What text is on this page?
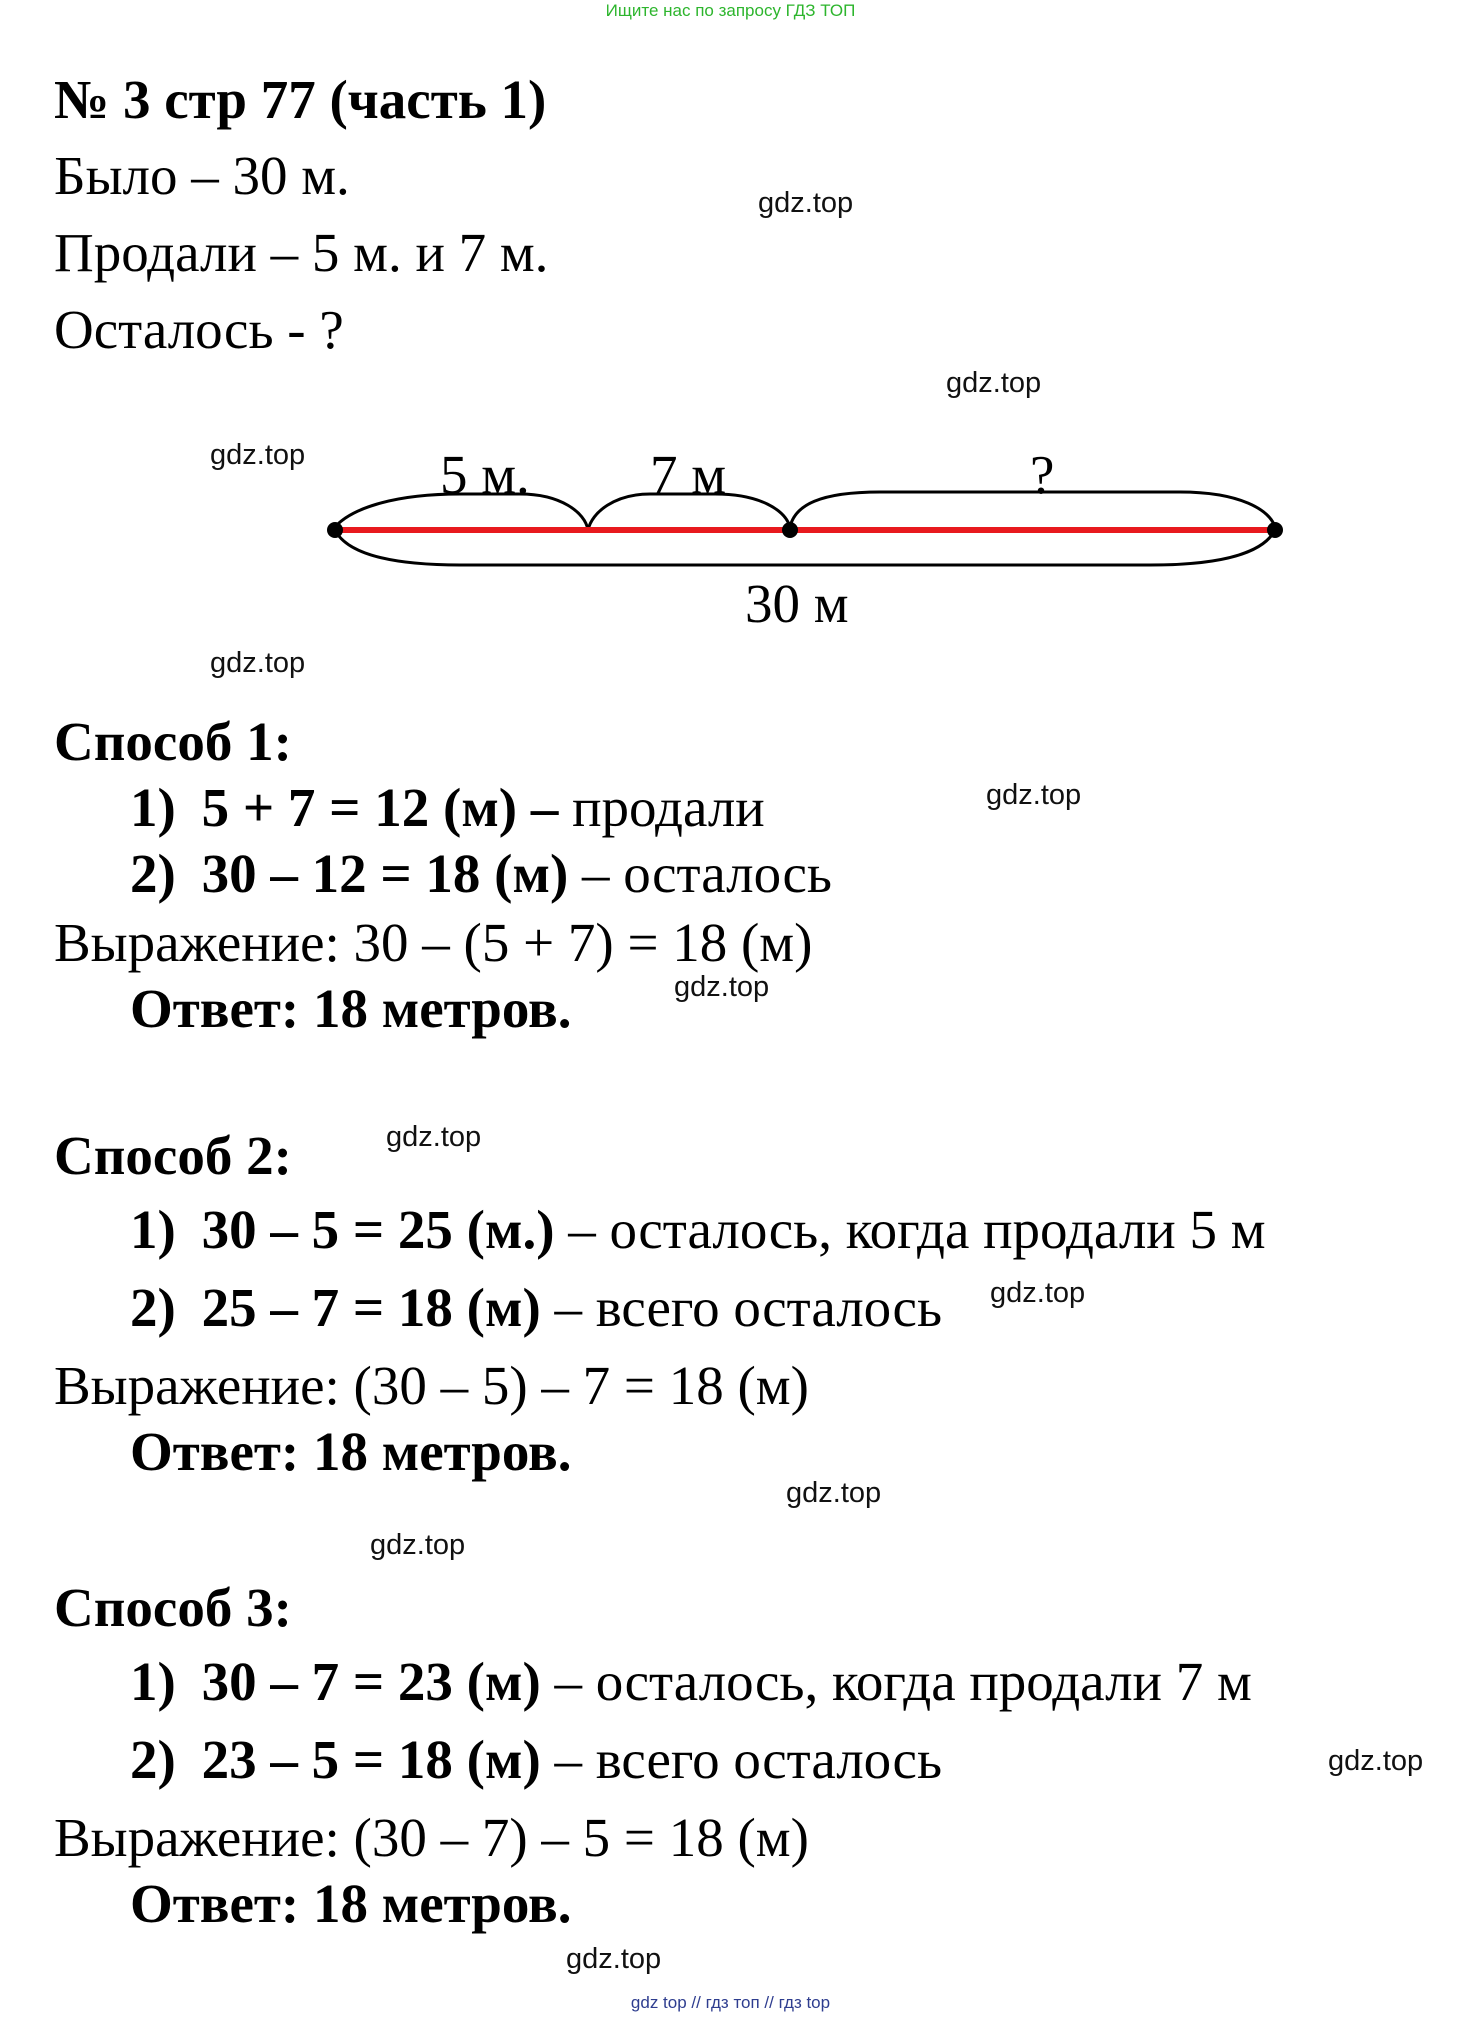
Ищите нас по запросу ГДЗ ТОП
№ 3 стр 77 (часть 1)
Было – 30 м.
Продали – 5 м. и 7 м.
Осталось - ?
5 м. 7 м	?
30 м
Способ 1:
1) 5 + 7 = 12 (м) – продали
2) 30 – 12 = 18 (м) – осталось
Выражение: 30 – (5 + 7) = 18 (м)
Ответ: 18 метров.
Способ 2:
1) 30 – 5 = 25 (м.) – осталось, когда продали 5 м
2) 25 – 7 = 18 (м) – всего осталось
Выражение: (30 – 5) – 7 = 18 (м)
Ответ: 18 метров.
Способ 3:
1) 30 – 7 = 23 (м) – осталось, когда продали 7 м
2) 23 – 5 = 18 (м) – всего осталось
Выражение: (30 – 7) – 5 = 18 (м)
Ответ: 18 метров.
gdz.top
gdz.top
gdz.top
gdz.top
gdz.top
gdz.top
gdz.top
gdz.top
gdz.top
gdz.top
gdz.top
gdz.top
gdz top // гдз топ // гдз top
